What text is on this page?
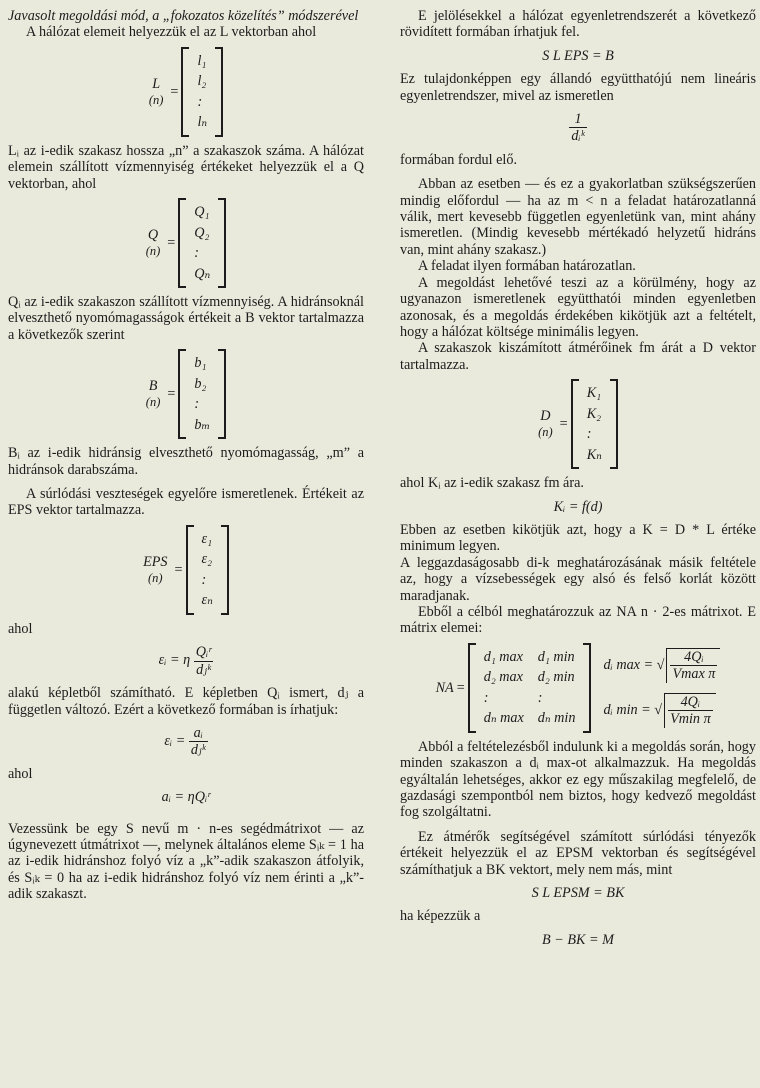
Javasolt megoldási mód, a „fokozatos közelítés” módszerével

A hálózat elemeit helyezzük el az L vektorban ahol

L
(n)
=
l₁
l₂
:
lₙ

Lᵢ az i-edik szakasz hossza „n” a szakaszok száma. A hálózat elemein szállított vízmennyiség értékeket helyezzük el a Q vektorban, ahol

Q
(n)
=
Q₁
Q₂
:
Qₙ

Qᵢ az i-edik szakaszon szállított vízmennyiség. A hidránsoknál elveszthető nyomómagasságok értékeit a B vektor tartalmazza a következők szerint

B
(n)
=
b₁
b₂
:
bₘ

Bᵢ az i-edik hidránsig elveszthető nyomómagasság, „m” a hidránsok darabszáma.

A súrlódási veszteségek egyelőre ismeretlenek. Értékeit az EPS vektor tartalmazza.

EPS
(n)
=
ε₁
ε₂
:
εₙ

ahol

εᵢ = η $\frac{\text{Qᵢʳ}}{\text{dⱼᵏ}}$

alakú képletből számítható. E képletben Qᵢ ismert, dⱼ a független változó. Ezért a következő formában is írhatjuk:

εᵢ = $\frac{\text{aᵢ}}{\text{dⱼᵏ}}$

ahol

aᵢ = ηQᵢʳ

Vezessünk be egy S nevű m · n-es segédmátrixot — az úgynevezett útmátrixot —, melynek általános eleme Sᵢₖ = 1 ha az i-edik hidránshoz folyó víz a „k”-adik szakaszon átfolyik, és Sᵢₖ = 0 ha az i-edik hidránshoz folyó víz nem érinti a „k”-adik szakaszt.

E jelölésekkel a hálózat egyenletrendszerét a következő rövidített formában írhatjuk fel.

S L EPS = B

Ez tulajdonképpen egy állandó együtthatójú nem lineáris egyenletrendszer, mivel az ismeretlen

$\frac{1}{\text{dᵢᵏ}}$

formában fordul elő.

Abban az esetben — és ez a gyakorlatban szükségszerűen mindig előfordul — ha az m < n a feladat határozatlanná válik, mert kevesebb független egyenletünk van, mint ahány ismeretlen. (Mindig kevesebb mértékadó helyzetű hidráns van, mint ahány szakasz.)

A feladat ilyen formában határozatlan.

A megoldást lehetővé teszi az a körülmény, hogy az ugyanazon ismeretlenek együtthatói minden egyenletben azonosak, és a megoldás érdekében kikötjük azt a feltételt, hogy a hálózat költsége minimális legyen.

A szakaszok kiszámított átmérőinek fm árát a D vektor tartalmazza.

D
(n)
=
K₁
K₂
:
Kₙ

ahol Kᵢ az i-edik szakasz fm ára.

Kᵢ = f(d)

Ebben az esetben kikötjük azt, hogy a K = D * L értéke minimum legyen.

A leggazdaságosabb di-k meghatározásának másik feltétele az, hogy a vízsebességek egy alsó és felső korlát között maradjanak.

Ebből a célból meghatározzuk az NA n · 2-es mátrixot. E mátrix elemei:

NA =
d₁ max d₁ min
d₂ max d₂ min
:	:
dₙ max dₙ min
dᵢ max = √ $\frac{\text{4Qᵢ}}{\text{Vmax π}}$
dᵢ min = √ $\frac{\text{4Qᵢ}}{\text{Vmin π}}$

Abból a feltételezésből indulunk ki a megoldás során, hogy minden szakaszon a dᵢ max-ot alkalmazzuk. Ha megoldás egyáltalán lehetséges, akkor ez egy műszakilag megfelelő, de gazdasági szempontból nem biztos, hogy kedvező megoldást fog szolgáltatni.

Ez átmérők segítségével számított súrlódási tényezők értékeit helyezzük el az EPSM vektorban és segítségével számíthatjuk a BK vektort, mely nem más, mint

S L EPSM = BK

ha képezzük a

B − BK = M
